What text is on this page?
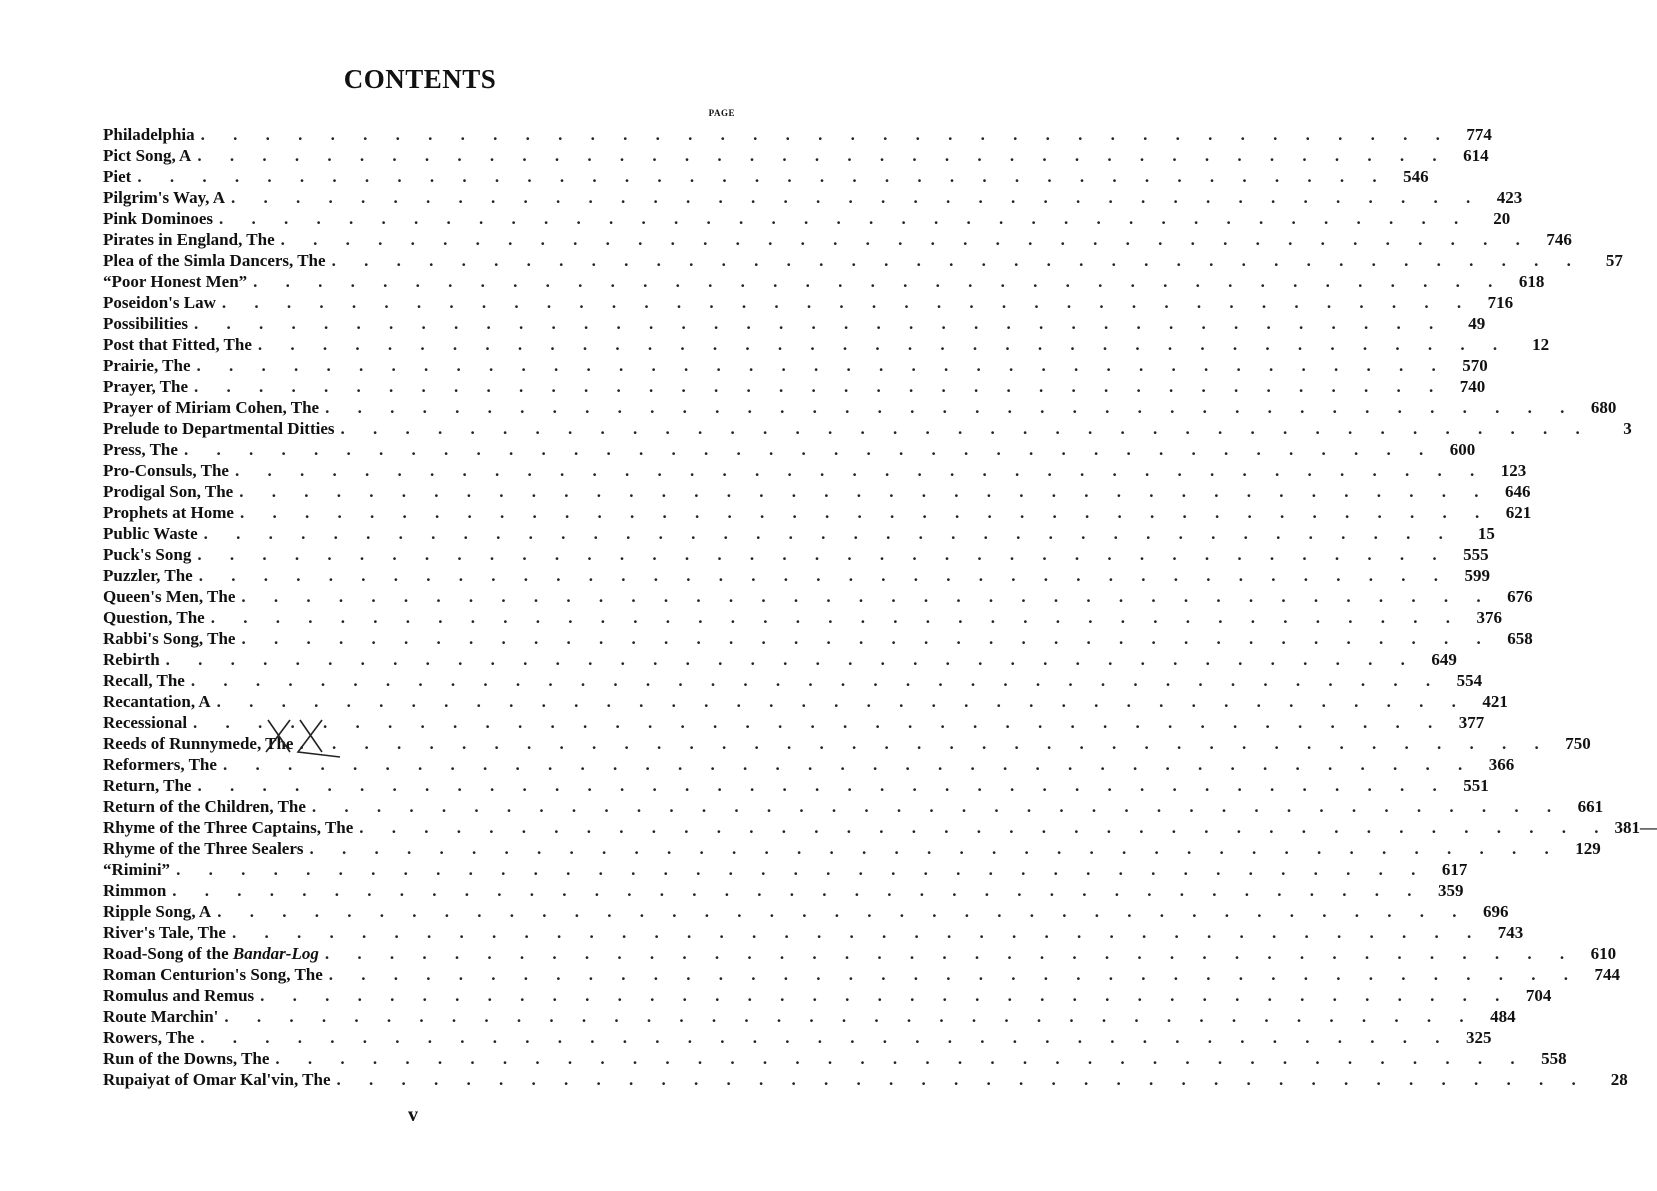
CONTENTS
PAGE
Philadelphia . . . . . . . . . . . . . . . . . . . . . . . . . . . . . . . . . . . . . . . 774
Pict Song, A . . . . . . . . . . . . . . . . . . . . . . . . . . . . . . . . . . . . . . . 614
Piet . . . . . . . . . . . . . . . . . . . . . . . . . . . . . . . . . . . . . . . 546
Pilgrim's Way, A . . . . . . . . . . . . . . . . . . . . . . . . . . . . . . . . . . . . . . . 423
Pink Dominoes . . . . . . . . . . . . . . . . . . . . . . . . . . . . . . . . . . . . . . .	20
Pirates in England, The . . . . . . . . . . . . . . . . . . . . . . . . . . . . . . . . . . . . . . . 746
Plea of the Simla Dancers, The . . . . . . . . . . . . . . . . . . . . . . . . . . . . . . . . . . . . . . .	57
“Poor Honest Men” . . . . . . . . . . . . . . . . . . . . . . . . . . . . . . . . . . . . . . . 618
Poseidon's Law . . . . . . . . . . . . . . . . . . . . . . . . . . . . . . . . . . . . . . . 716
Possibilities . . . . . . . . . . . . . . . . . . . . . . . . . . . . . . . . . . . . . . .	49
Post that Fitted, The . . . . . . . . . . . . . . . . . . . . . . . . . . . . . . . . . . . . . . .	12
Prairie, The . . . . . . . . . . . . . . . . . . . . . . . . . . . . . . . . . . . . . . . 570
Prayer, The . . . . . . . . . . . . . . . . . . . . . . . . . . . . . . . . . . . . . . . 740
Prayer of Miriam Cohen, The . . . . . . . . . . . . . . . . . . . . . . . . . . . . . . . . . . . . . . . 680
Prelude to Departmental Ditties . . . . . . . . . . . . . . . . . . . . . . . . . . . . . . . . . . . . . . .	3
Press, The . . . . . . . . . . . . . . . . . . . . . . . . . . . . . . . . . . . . . . . 600
Pro-Consuls, The . . . . . . . . . . . . . . . . . . . . . . . . . . . . . . . . . . . . . . . 123
Prodigal Son, The . . . . . . . . . . . . . . . . . . . . . . . . . . . . . . . . . . . . . . . 646
Prophets at Home . . . . . . . . . . . . . . . . . . . . . . . . . . . . . . . . . . . . . . . 621
Public Waste . . . . . . . . . . . . . . . . . . . . . . . . . . . . . . . . . . . . . . .	15
Puck's Song . . . . . . . . . . . . . . . . . . . . . . . . . . . . . . . . . . . . . . . 555
Puzzler, The . . . . . . . . . . . . . . . . . . . . . . . . . . . . . . . . . . . . . . . 599
Queen's Men, The . . . . . . . . . . . . . . . . . . . . . . . . . . . . . . . . . . . . . . . 676
Question, The . . . . . . . . . . . . . . . . . . . . . . . . . . . . . . . . . . . . . . . 376
Rabbi's Song, The . . . . . . . . . . . . . . . . . . . . . . . . . . . . . . . . . . . . . . . 658
Rebirth . . . . . . . . . . . . . . . . . . . . . . . . . . . . . . . . . . . . . . . 649
Recall, The . . . . . . . . . . . . . . . . . . . . . . . . . . . . . . . . . . . . . . . 554
Recantation, A . . . . . . . . . . . . . . . . . . . . . . . . . . . . . . . . . . . . . . . 421
Recessional . . . . . . . . . . . . . . . . . . . . . . . . . . . . . . . . . . . . . . . 377
Reeds of Runnymede, The . . . . . . . . . . . . . . . . . . . . . . . . . . . . . . . . . . . . . . . 750
Reformers, The . . . . . . . . . . . . . . . . . . . . . . . . . . . . . . . . . . . . . . . 366
Return, The . . . . . . . . . . . . . . . . . . . . . . . . . . . . . . . . . . . . . . . 551
Return of the Children, The . . . . . . . . . . . . . . . . . . . . . . . . . . . . . . . . . . . . . . . 661
Rhyme of the Three Captains, The . . . . . . . . . . . . . . . . . . . . . . . . . . . . . . . . . . . . . . . 381—
Rhyme of the Three Sealers . . . . . . . . . . . . . . . . . . . . . . . . . . . . . . . . . . . . . . . 129
“Rimini” . . . . . . . . . . . . . . . . . . . . . . . . . . . . . . . . . . . . . . . 617
Rimmon . . . . . . . . . . . . . . . . . . . . . . . . . . . . . . . . . . . . . . . 359
Ripple Song, A . . . . . . . . . . . . . . . . . . . . . . . . . . . . . . . . . . . . . . . 696
River's Tale, The . . . . . . . . . . . . . . . . . . . . . . . . . . . . . . . . . . . . . . . 743
Road-Song of the Bandar-Log . . . . . . . . . . . . . . . . . . . . . . . . . . . . . . . . . . . . . . . 610
Roman Centurion's Song, The . . . . . . . . . . . . . . . . . . . . . . . . . . . . . . . . . . . . . . . 744
Romulus and Remus . . . . . . . . . . . . . . . . . . . . . . . . . . . . . . . . . . . . . . . 704
Route Marchin' . . . . . . . . . . . . . . . . . . . . . . . . . . . . . . . . . . . . . . . 484
Rowers, The . . . . . . . . . . . . . . . . . . . . . . . . . . . . . . . . . . . . . . . 325
Run of the Downs, The . . . . . . . . . . . . . . . . . . . . . . . . . . . . . . . . . . . . . . . 558
Rupaiyat of Omar Kal'vin, The . . . . . . . . . . . . . . . . . . . . . . . . . . . . . . . . . . . . . . .	28
v
